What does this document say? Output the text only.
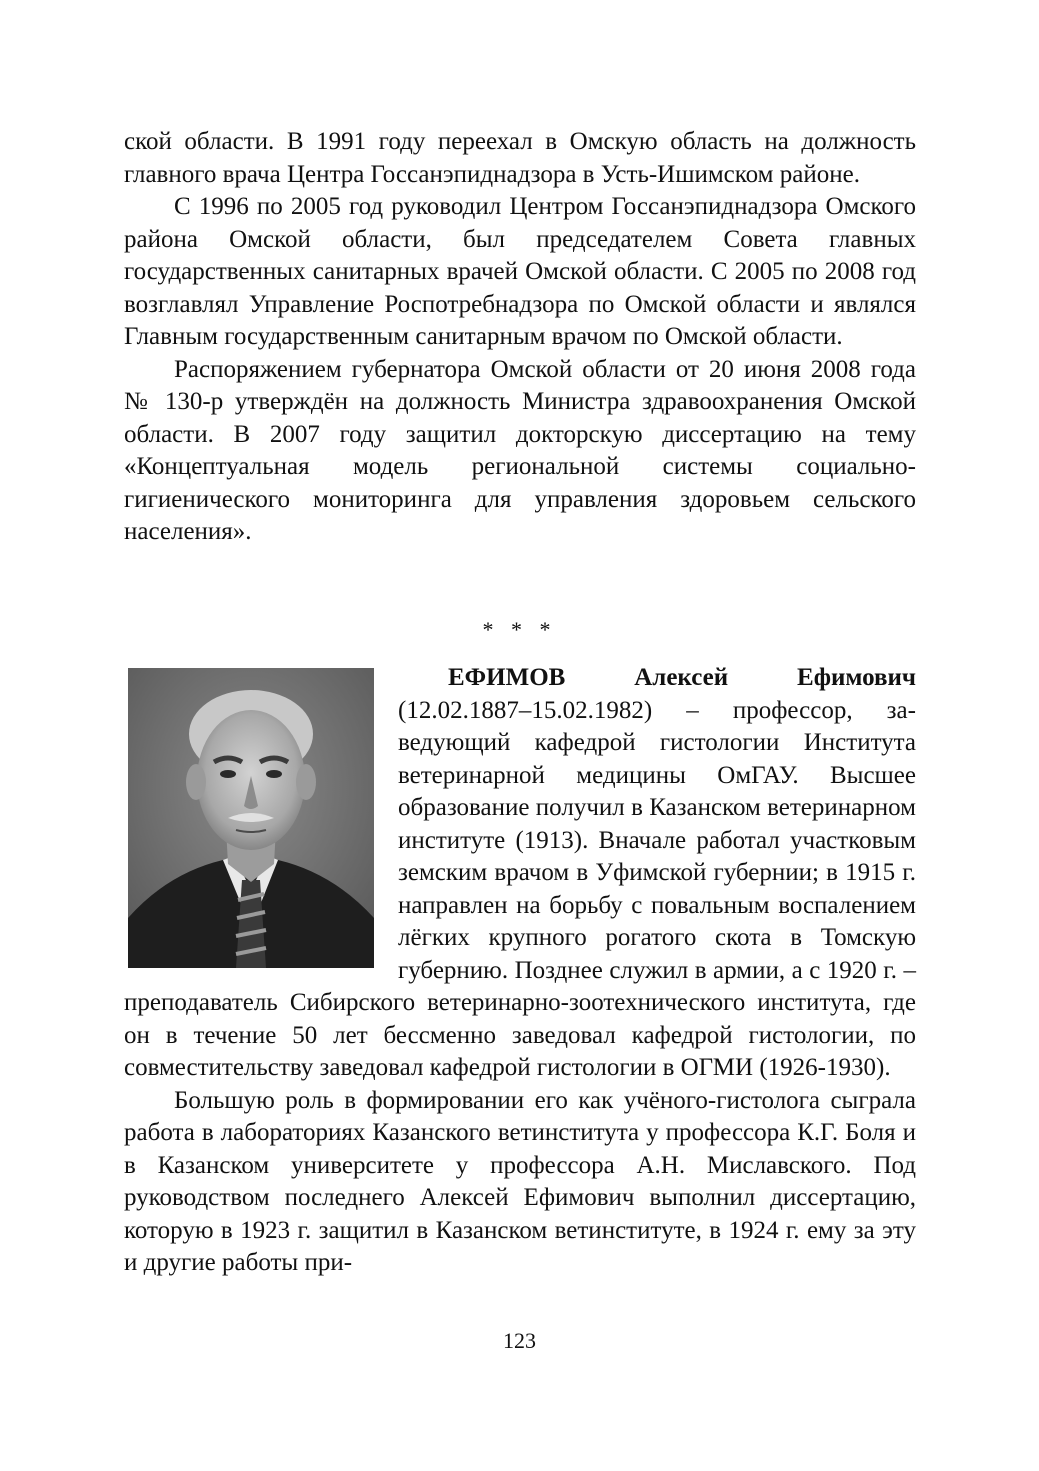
ской области. В 1991 году переехал в Омскую область на должность главного врача Центра Госсанэпиднадзора в Усть-Ишимском районе.

С 1996 по 2005 год руководил Центром Госсанэпиднадзора Омского района Омской области, был председателем Совета главных государственных санитарных врачей Омской области. С 2005 по 2008 год возглавлял Управление Роспотребнадзора по Омской области и являлся Главным государственным санитарным врачом по Омской области.

Распоряжением губернатора Омской области от 20 июня 2008 года № 130-р утверждён на должность Министра здравоохранения Омской области. В 2007 году защитил докторскую диссертацию на тему «Концептуальная модель региональной системы социально-гигиенического мониторинга для управления здоровьем сельского населения».

* * *

ЕФИМОВ Алексей Ефимович (12.02.1887–15.02.1982) – профессор, заведующий кафедрой гистологии Института ветеринарной медицины ОмГАУ. Высшее образование получил в Казанском ветеринарном институте (1913). Вначале работал участковым земским врачом в Уфимской губернии; в 1915 г. направлен на борьбу с повальным воспалением лёгких крупного рогатого скота в Томскую губернию. Позднее служил в армии, а с 1920 г. – преподаватель Сибирского ветеринарно-зоотехнического института, где он в течение 50 лет бессменно заведовал кафедрой гистологии, по совместительству заведовал кафедрой гистологии в ОГМИ (1926-1930).

Большую роль в формировании его как учёного-гистолога сыграла работа в лабораториях Казанского ветинститута у профессора К.Г. Боля и в Казанском университете у профессора А.Н. Миславского. Под руководством последнего Алексей Ефимович выполнил диссертацию, которую в 1923 г. защитил в Казанском ветинституте, в 1924 г. ему за эту и другие работы при-

123
